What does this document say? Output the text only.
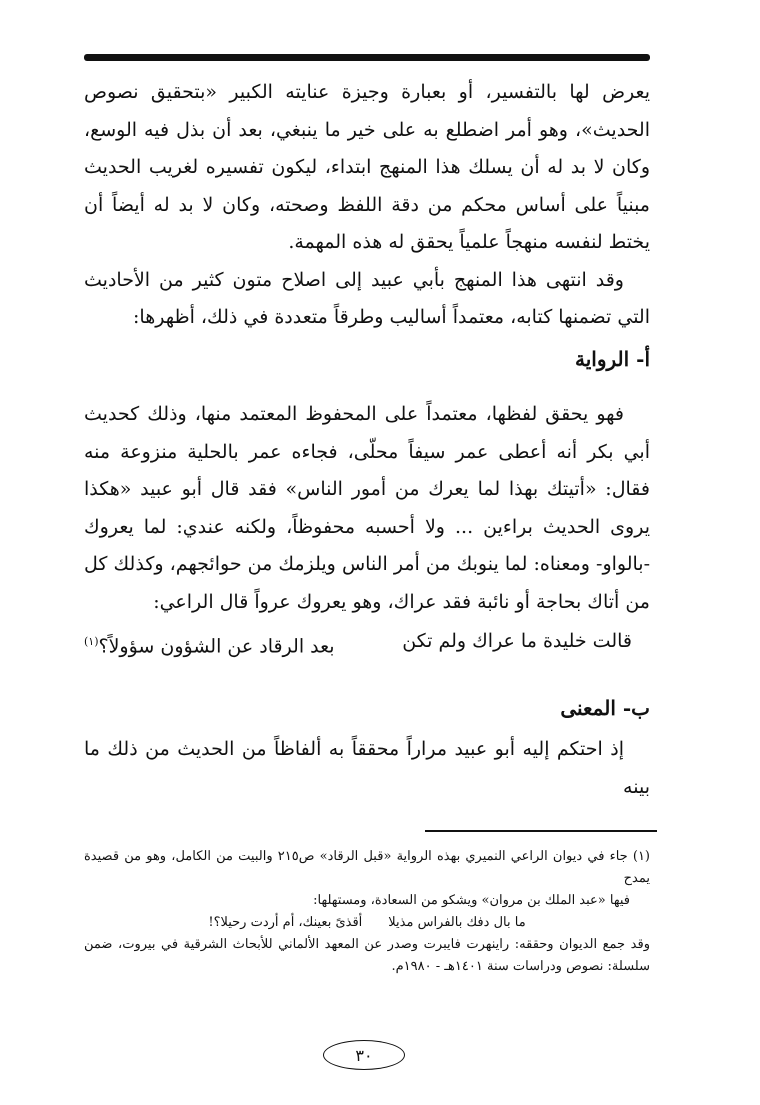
يعرض لها بالتفسير، أو بعبارة وجيزة عنايته الكبير «بتحقيق نصوص الحديث»، وهو أمر اضطلع به على خير ما ينبغي، بعد أن بذل فيه الوسع، وكان لا بد له أن يسلك هذا المنهج ابتداء، ليكون تفسيره لغريب الحديث مبنياً على أساس محكم من دقة اللفظ وصحته، وكان لا بد له أيضاً أن يختط لنفسه منهجاً علمياً يحقق له هذه المهمة.

وقد انتهى هذا المنهج بأبي عبيد إلى اصلاح متون كثير من الأحاديث التي تضمنها كتابه، معتمداً أساليب وطرقاً متعددة في ذلك، أظهرها:

أ- الرواية

فهو يحقق لفظها، معتمداً على المحفوظ المعتمد منها، وذلك كحديث أبي بكر أنه أعطى عمر سيفاً محلّى، فجاءه عمر بالحلية منزوعة منه فقال: «أتيتك بهذا لما يعرك من أمور الناس» فقد قال أبو عبيد «هكذا يروى الحديث براءين ... ولا أحسبه محفوظاً، ولكنه عندي: لما يعروك -بالواو- ومعناه: لما ينوبك من أمر الناس ويلزمك من حوائجهم، وكذلك كل من أتاك بحاجة أو نائبة فقد عراك، وهو يعروك عرواً قال الراعي:

قالت خليدة ما عراك ولم تكن
بعد الرقاد عن الشؤون سؤولاً؟$^{(١)}$
ب- المعنى

إذ احتكم إليه أبو عبيد مراراً محققاً به ألفاظاً من الحديث من ذلك ما بينه

(١) جاء في ديوان الراعي النميري بهذه الرواية «قبل الرقاد» ص٢١٥ والبيت من الكامل، وهو من قصيدة يمدح

فيها «عبد الملك بن مروان» ويشكو من السعادة، ومستهلها:

ما بال دفك بالفراس مذيلا
أقذىً بعينك، أم أردت رحيلا؟!

وقد جمع الديوان وحققه: راينهرت فايبرت وصدر عن المعهد الألماني للأبحاث الشرقية في بيروت، ضمن سلسلة: نصوص ودراسات سنة ١٤٠١هـ - ١٩٨٠م.

٣٠
